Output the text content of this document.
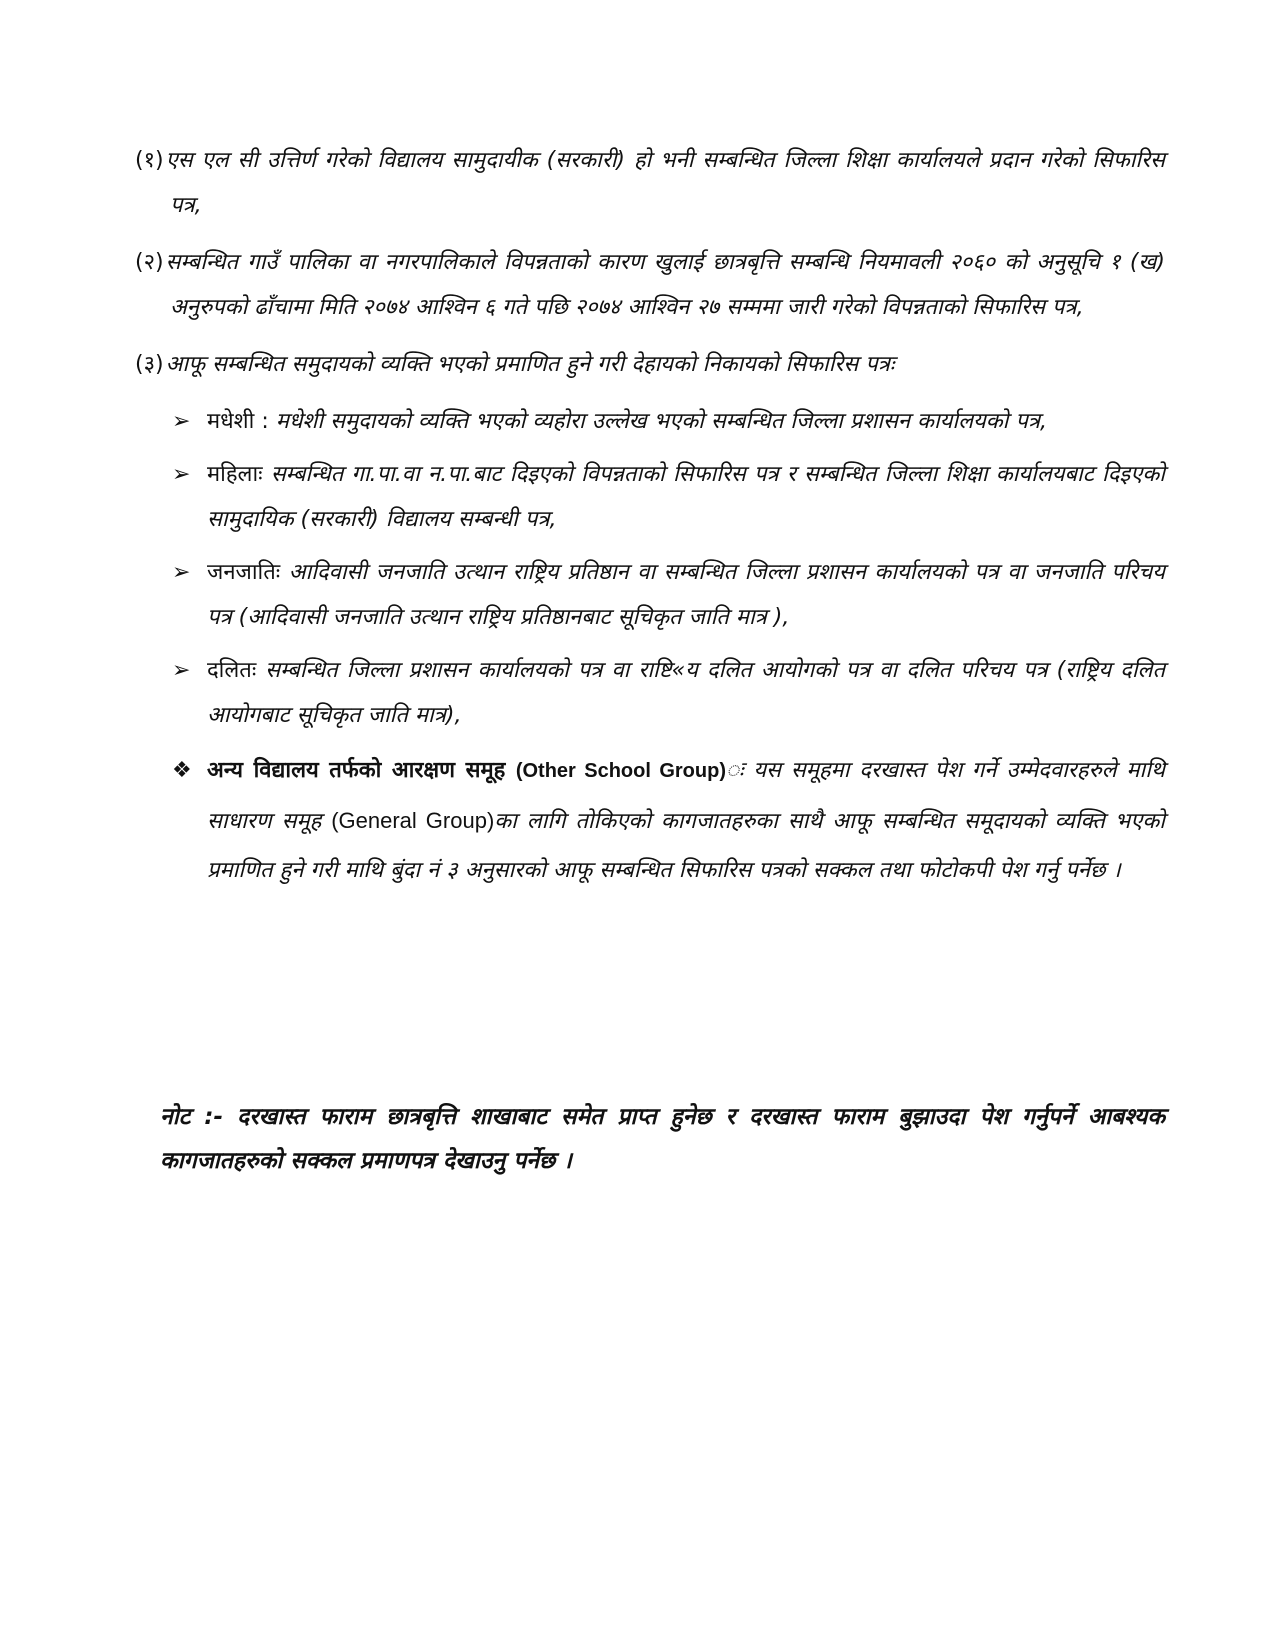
(१)एस एल सी उत्तिर्ण गरेको विद्यालय सामुदायीक (सरकारी) हो भनी सम्बन्धित जिल्ला शिक्षा कार्यालयले प्रदान गरेको सिफारिस पत्र,

(२)सम्बन्धित गाउँ पालिका वा नगरपालिकाले विपन्नताको कारण खुलाई छात्रबृत्ति सम्बन्धि नियमावली २०६० को अनुसूचि १ (ख) अनुरुपको ढाँचामा मिति २०७४ आश्विन ६ गते पछि २०७४ आश्विन २७ सम्ममा जारी गरेको विपन्नताको सिफारिस पत्र,

(३)आफू सम्बन्धित समुदायको व्यक्ति भएको प्रमाणित हुने गरी देहायको निकायको सिफारिस पत्रः

➢ मधेशी : मधेशी समुदायको व्यक्ति भएको व्यहोरा उल्लेख भएको सम्बन्धित जिल्ला प्रशासन कार्यालयको पत्र,
➢ महिलाः सम्बन्धित गा.पा.वा न.पा.बाट दिइएको विपन्नताको सिफारिस पत्र र सम्बन्धित जिल्ला शिक्षा कार्यालयबाट दिइएको सामुदायिक (सरकारी) विद्यालय सम्बन्धी पत्र,
➢ जनजातिः आदिवासी जनजाति उत्थान राष्ट्रिय प्रतिष्ठान वा सम्बन्धित जिल्ला प्रशासन कार्यालयको पत्र वा जनजाति परिचय पत्र (आदिवासी जनजाति उत्थान राष्ट्रिय प्रतिष्ठानबाट सूचिकृत जाति मात्र ),
➢ दलितः सम्बन्धित जिल्ला प्रशासन कार्यालयको पत्र वा राष्टि«य दलित आयोगको पत्र वा दलित परिचय पत्र (राष्ट्रिय दलित आयोगबाट सूचिकृत जाति मात्र),
❖ अन्य विद्यालय तर्फको आरक्षण समूह (Other School Group)ः यस समूहमा दरखास्त पेश गर्ने उम्मेदवारहरुले माथि साधारण समूह (General Group)का लागि तोकिएको कागजातहरुका साथै आफू सम्बन्धित समूदायको व्यक्ति भएको प्रमाणित हुने गरी माथि बुंदा नं ३ अनुसारको आफू सम्बन्धित सिफारिस पत्रको सक्कल तथा फोटोकपी पेश गर्नु पर्नेछ ।
नोट :- दरखास्त फाराम छात्रबृत्ति शाखाबाट समेत प्राप्त हुनेछ र दरखास्त फाराम बुझाउदा पेश गर्नुपर्ने आबश्यक कागजातहरुको सक्कल प्रमाणपत्र देखाउनु पर्नेछ ।
